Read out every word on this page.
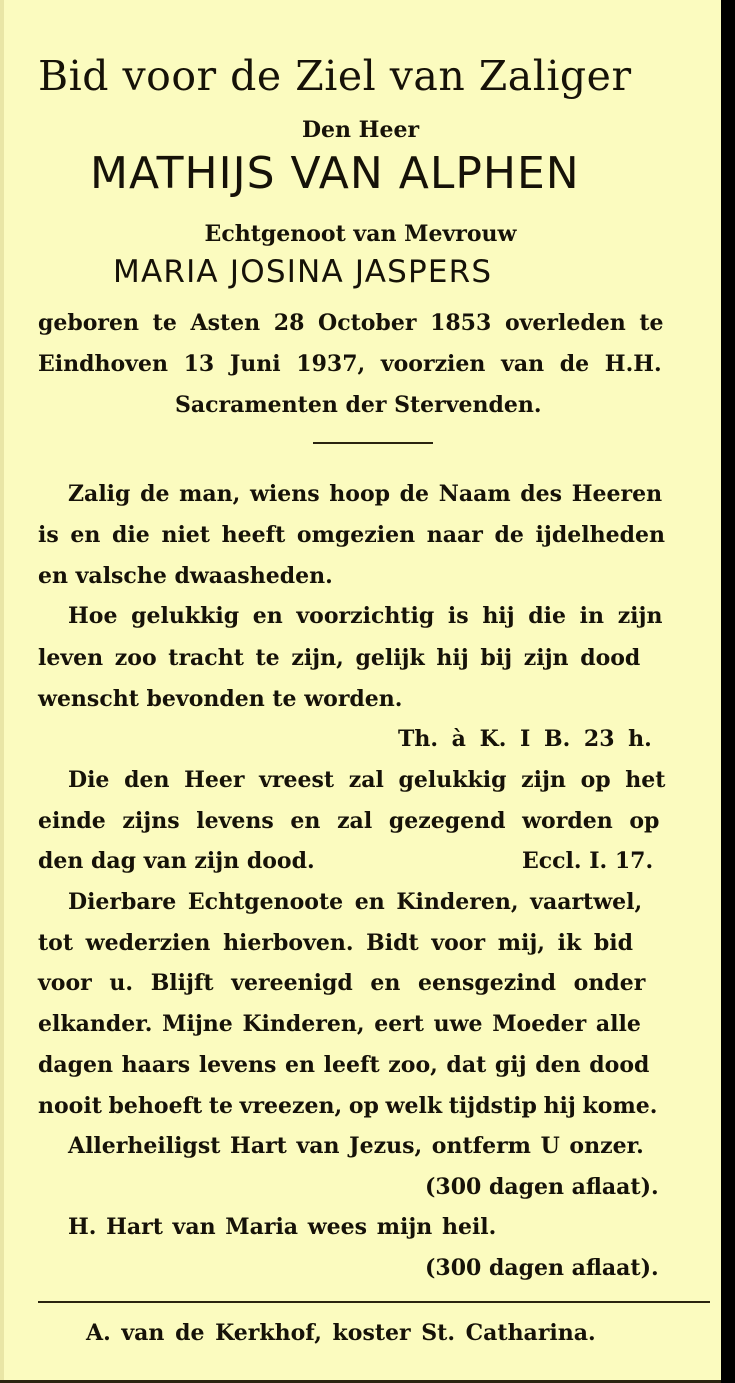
Bid voor de Ziel van Zaliger

Den Heer

MATHIJS VAN ALPHEN

Echtgenoot van Mevrouw

MARIA JOSINA JASPERS

geboren te Asten 28 October 1853 overleden te

Eindhoven 13 Juni 1937, voorzien van de H.H.

Sacramenten der Stervenden.

Zalig de man, wiens hoop de Naam des Heeren

is en die niet heeft omgezien naar de ijdelheden

en valsche dwaasheden.

Hoe gelukkig en voorzichtig is hij die in zijn

leven zoo tracht te zijn, gelijk hij bij zijn dood

wenscht bevonden te worden.

Th. à K. I B. 23 h.

Die den Heer vreest zal gelukkig zijn op het

einde zijns levens en zal gezegend worden op

den dag van zijn dood.	Eccl. I. 17.

Dierbare Echtgenoote en Kinderen, vaartwel,

tot wederzien hierboven. Bidt voor mij, ik bid

voor u. Blijft vereenigd en eensgezind onder

elkander. Mijne Kinderen, eert uwe Moeder alle

dagen haars levens en leeft zoo, dat gij den dood

nooit behoeft te vreezen, op welk tijdstip hij kome.

Allerheiligst Hart van Jezus, ontferm U onzer.

(300 dagen aflaat).

H. Hart van Maria wees mijn heil.

(300 dagen aflaat).

A. van de Kerkhof, koster St. Catharina.
